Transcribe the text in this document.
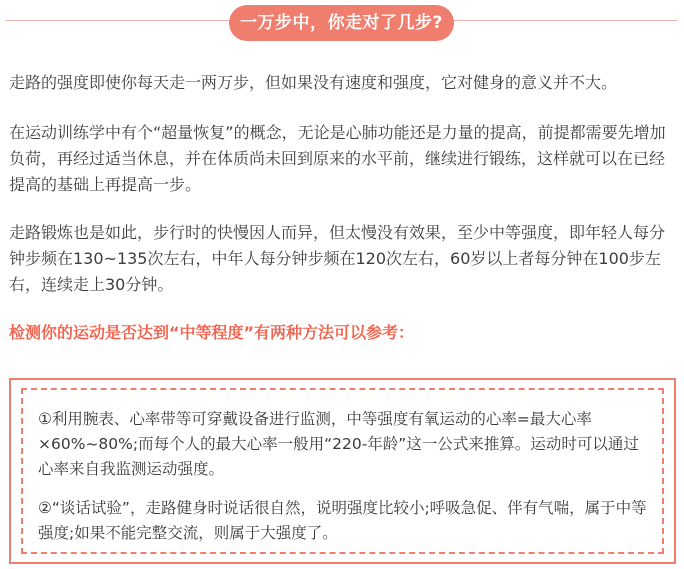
一万步中，你走对了几步?
走路的强度即使你每天走一两万步，但如果没有速度和强度，它对健身的意义并不大。
在运动训练学中有个“超量恢复”的概念，无论是心肺功能还是力量的提高，前提都需要先增加负荷，再经过适当休息，并在体质尚未回到原来的水平前，继续进行锻练，这样就可以在已经提高的基础上再提高一步。
走路锻炼也是如此，步行时的快慢因人而异，但太慢没有效果，至少中等强度，即年轻人每分钟步频在130~135次左右，中年人每分钟步频在120次左右，60岁以上者每分钟在100步左右，连续走上30分钟。
检测你的运动是否达到“中等程度”有两种方法可以参考：
①利用腕表、心率带等可穿戴设备进行监测，中等强度有氧运动的心率=最大心率×60%~80%;而每个人的最大心率一般用“220-年龄”这一公式来推算。运动时可以通过心率来自我监测运动强度。
②“谈话试验”，走路健身时说话很自然，说明强度比较小;呼吸急促、伴有气喘，属于中等强度;如果不能完整交流，则属于大强度了。
